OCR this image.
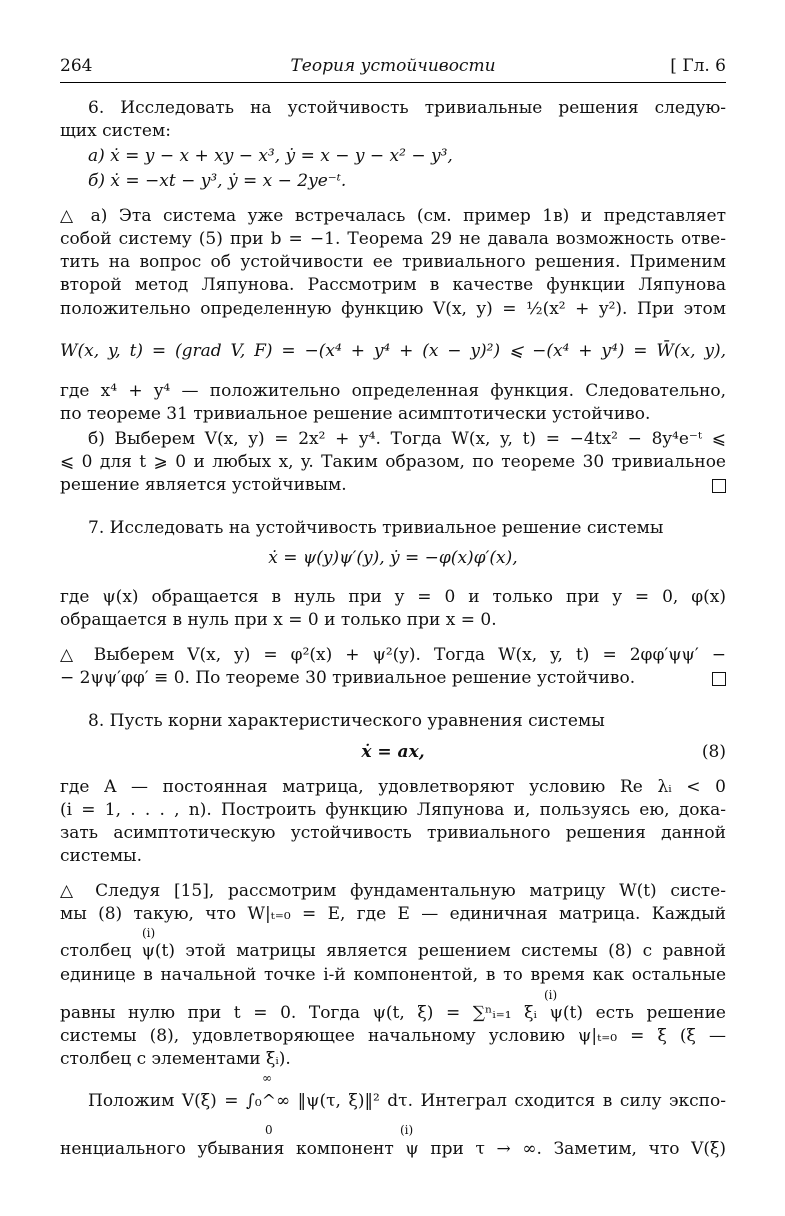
264	Теория устойчивости	[ Гл. 6
6. Исследовать на устойчивость тривиальные решения следую-
щих систем:
а) ẋ = y − x + xy − x³, ẏ = x − y − x² − y³,
б) ẋ = −xt − y³, ẏ = x − 2ye⁻ᵗ.
△ а) Эта система уже встречалась (см. пример 1в) и представляет
собой систему (5) при b = −1. Теорема 29 не давала возможность отве-
тить на вопрос об устойчивости ее тривиального решения. Применим
второй метод Ляпунова. Рассмотрим в качестве функции Ляпунова
положительно определенную функцию V(x, y) = ½(x² + y²). При этом
W(x, y, t) = (grad V, F) = −(x⁴ + y⁴ + (x − y)²) ⩽ −(x⁴ + y⁴) = W̄(x, y),
где x⁴ + y⁴ — положительно определенная функция. Следовательно,
по теореме 31 тривиальное решение асимптотически устойчиво.
б) Выберем V(x, y) = 2x² + y⁴. Тогда W(x, y, t) = −4tx² − 8y⁴e⁻ᵗ ⩽
⩽ 0 для t ⩾ 0 и любых x, y. Таким образом, по теореме 30 тривиальное
решение является устойчивым.
7. Исследовать на устойчивость тривиальное решение системы
ẋ = ψ(y)ψ′(y), ẏ = −φ(x)φ′(x),
где ψ(x) обращается в нуль при y = 0 и только при y = 0, φ(x)
обращается в нуль при x = 0 и только при x = 0.
△ Выберем V(x, y) = φ²(x) + ψ²(y). Тогда W(x, y, t) = 2φφ′ψψ′ −
− 2ψψ′φφ′ ≡ 0. По теореме 30 тривиальное решение устойчиво.
8. Пусть корни характеристического уравнения системы
ẋ = ax,	(8)
где A — постоянная матрица, удовлетворяют условию Re λᵢ < 0
(i = 1, . . . , n). Построить функцию Ляпунова и, пользуясь ею, дока-
зать асимптотическую устойчивость тривиального решения данной
системы.
△ Следуя [15], рассмотрим фундаментальную матрицу W(t) систе-
мы (8) такую, что W|ₜ₌₀ = E, где E — единичная матрица. Каждый
(i)
столбец ψ(t) этой матрицы является решением системы (8) с равной
единице в начальной точке i-й компонентой, в то время как остальные
(i)
равны нулю при t = 0. Тогда ψ(t, ξ) = ∑ⁿᵢ₌₁ ξᵢ ψ(t) есть решение
системы (8), удовлетворяющее начальному условию ψ|ₜ₌₀ = ξ (ξ —
столбец с элементами ξᵢ).
∞
Положим V(ξ) = ∫₀^∞ ‖ψ(τ, ξ)‖² dτ. Интеграл сходится в силу экспо-
0	(i)
ненциального убывания компонент ψ при τ → ∞. Заметим, что V(ξ)
